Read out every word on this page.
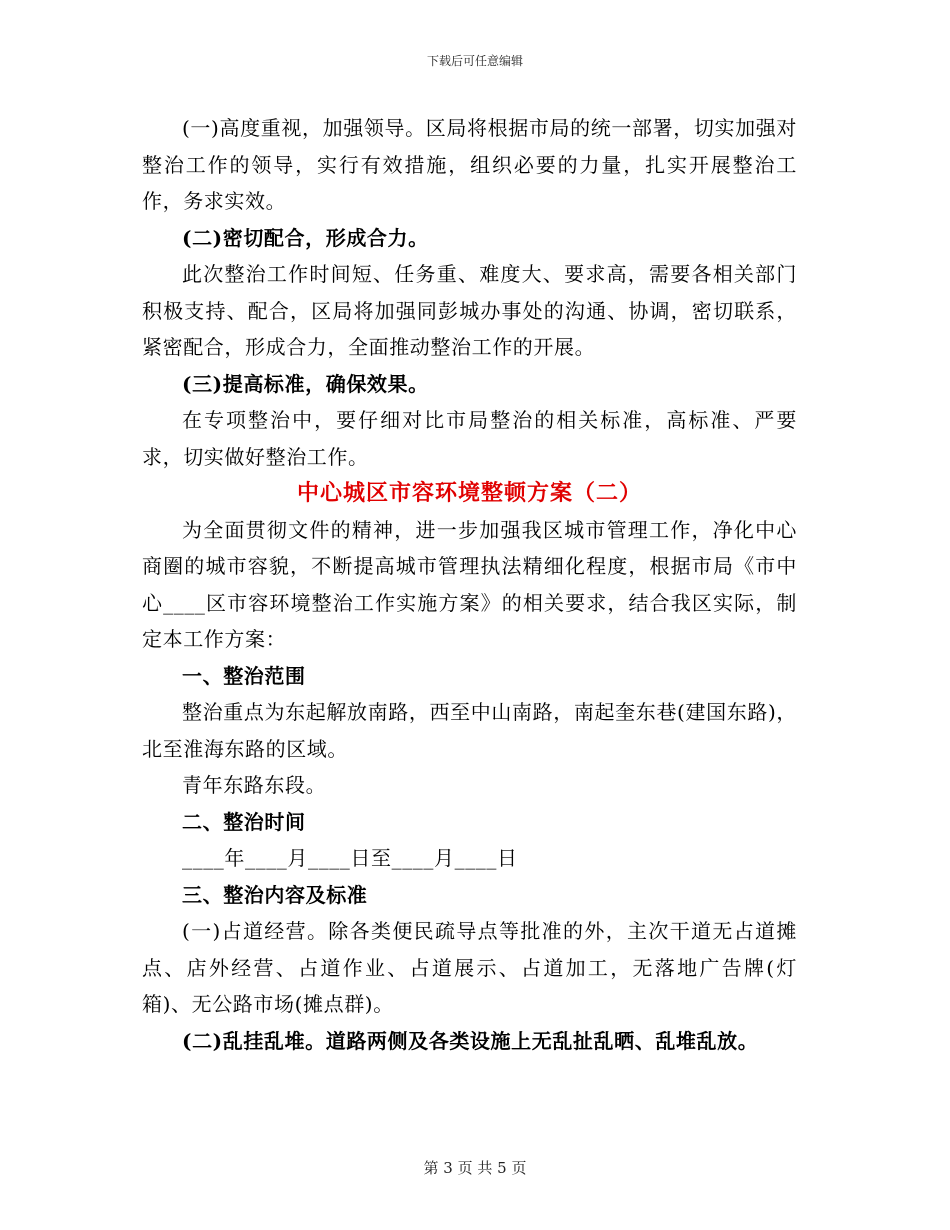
下载后可任意编辑

(一)高度重视，加强领导。区局将根据市局的统一部署，切实加强对整治工作的领导，实行有效措施，组织必要的力量，扎实开展整治工作，务求实效。

(二)密切配合，形成合力。

此次整治工作时间短、任务重、难度大、要求高，需要各相关部门积极支持、配合，区局将加强同彭城办事处的沟通、协调，密切联系，紧密配合，形成合力，全面推动整治工作的开展。

(三)提高标准，确保效果。

在专项整治中，要仔细对比市局整治的相关标准，高标准、严要求，切实做好整治工作。

中心城区市容环境整顿方案（二）

为全面贯彻文件的精神，进一步加强我区城市管理工作，净化中心商圈的城市容貌，不断提高城市管理执法精细化程度，根据市局《市中心____区市容环境整治工作实施方案》的相关要求，结合我区实际，制定本工作方案：

一、整治范围

整治重点为东起解放南路，西至中山南路，南起奎东巷(建国东路)，北至淮海东路的区域。

青年东路东段。

二、整治时间

____年____月____日至____月____日

三、整治内容及标准

(一)占道经营。除各类便民疏导点等批准的外，主次干道无占道摊点、店外经营、占道作业、占道展示、占道加工，无落地广告牌(灯箱)、无公路市场(摊点群)。

(二)乱挂乱堆。道路两侧及各类设施上无乱扯乱晒、乱堆乱放。

第 3 页 共 5 页
